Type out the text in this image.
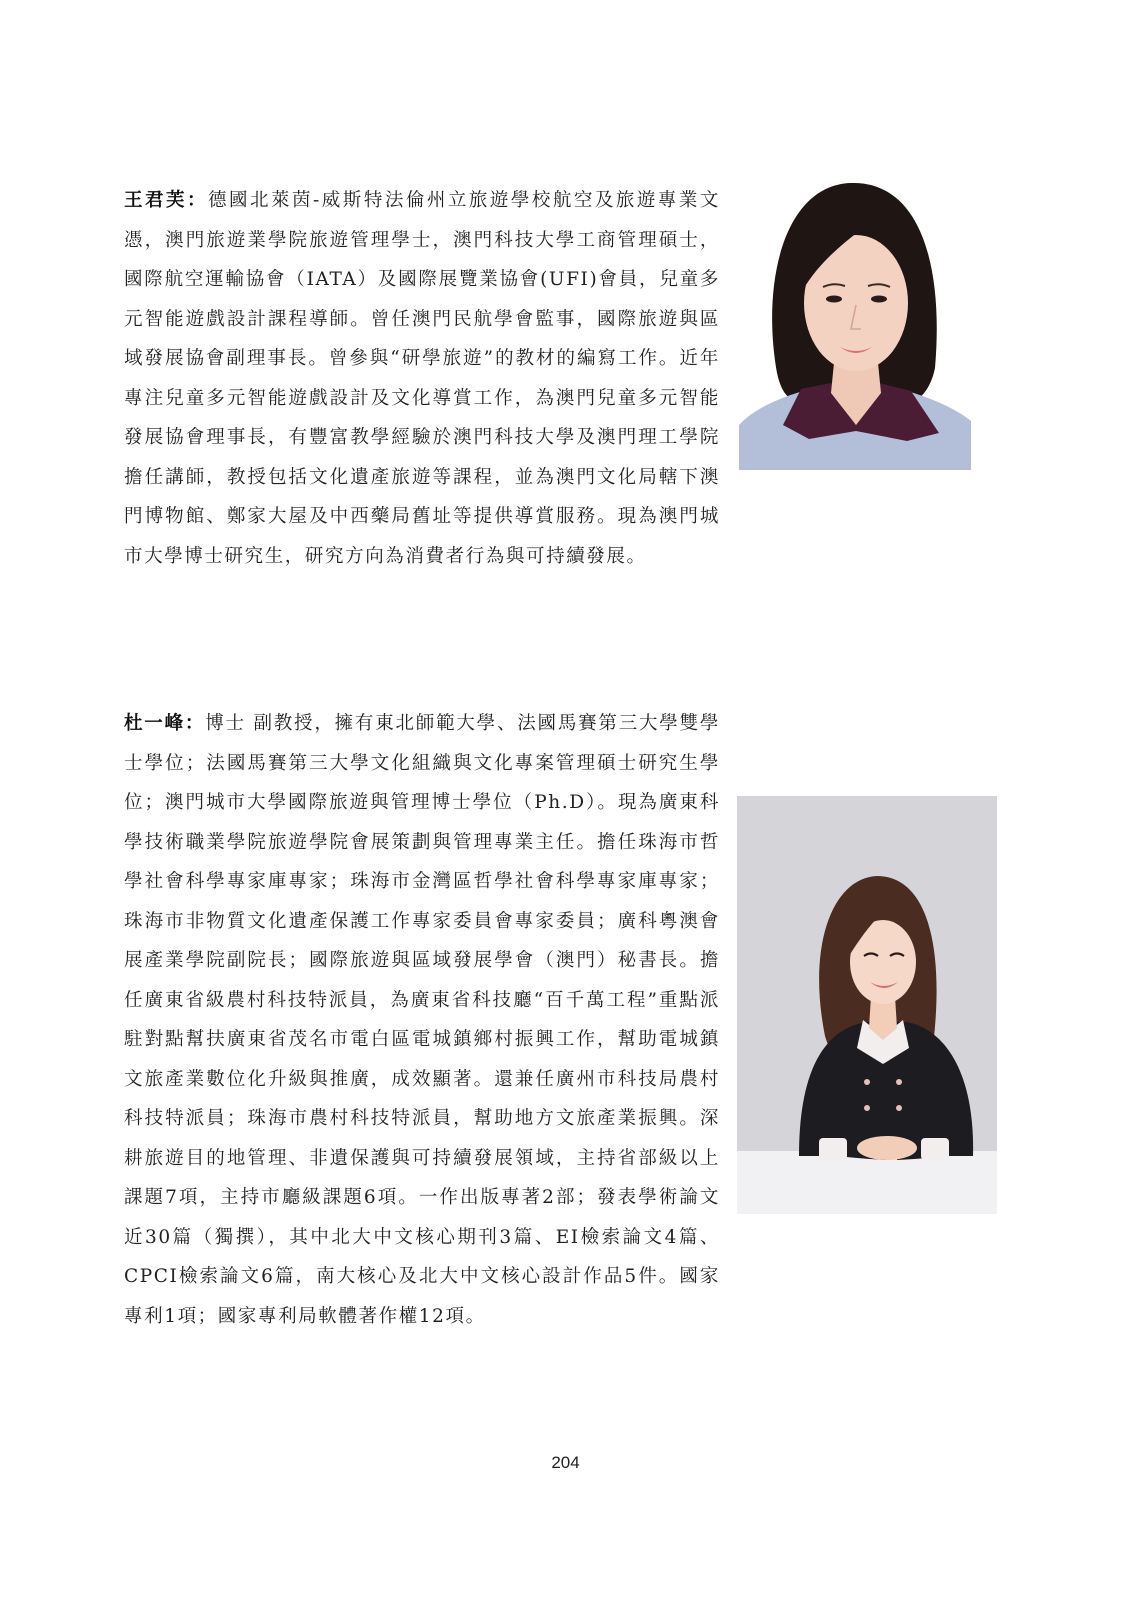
王君芙：德國北萊茵-威斯特法倫州立旅遊學校航空及旅遊專業文憑，澳門旅遊業學院旅遊管理學士，澳門科技大學工商管理碩士，國際航空運輸協會（IATA）及國際展覽業協會(UFI)會員，兒童多元智能遊戲設計課程導師。曾任澳門民航學會監事，國際旅遊與區域發展協會副理事長。曾參與“研學旅遊”的教材的編寫工作。近年專注兒童多元智能遊戲設計及文化導賞工作，為澳門兒童多元智能發展協會理事長，有豐富教學經驗於澳門科技大學及澳門理工學院擔任講師，教授包括文化遺產旅遊等課程，並為澳門文化局轄下澳門博物館、鄭家大屋及中西藥局舊址等提供導賞服務。現為澳門城市大學博士研究生，研究方向為消費者行為與可持續發展。

杜一峰：博士 副教授，擁有東北師範大學、法國馬賽第三大學雙學士學位；法國馬賽第三大學文化組織與文化專案管理碩士研究生學位；澳門城市大學國際旅遊與管理博士學位（Ph.D）。現為廣東科學技術職業學院旅遊學院會展策劃與管理專業主任。擔任珠海市哲學社會科學專家庫專家；珠海市金灣區哲學社會科學專家庫專家；珠海市非物質文化遺產保護工作專家委員會專家委員；廣科粵澳會展產業學院副院長；國際旅遊與區域發展學會（澳門）秘書長。擔任廣東省級農村科技特派員，為廣東省科技廳“百千萬工程”重點派駐對點幫扶廣東省茂名市電白區電城鎮鄉村振興工作，幫助電城鎮文旅產業數位化升級與推廣，成效顯著。還兼任廣州市科技局農村科技特派員；珠海市農村科技特派員，幫助地方文旅產業振興。深耕旅遊目的地管理、非遺保護與可持續發展領域，主持省部級以上課題7項，主持市廳級課題6項。一作出版專著2部；發表學術論文近30篇（獨撰），其中北大中文核心期刊3篇、EI檢索論文4篇、CPCI檢索論文6篇，南大核心及北大中文核心設計作品5件。國家專利1項；國家專利局軟體著作權12項。

204
